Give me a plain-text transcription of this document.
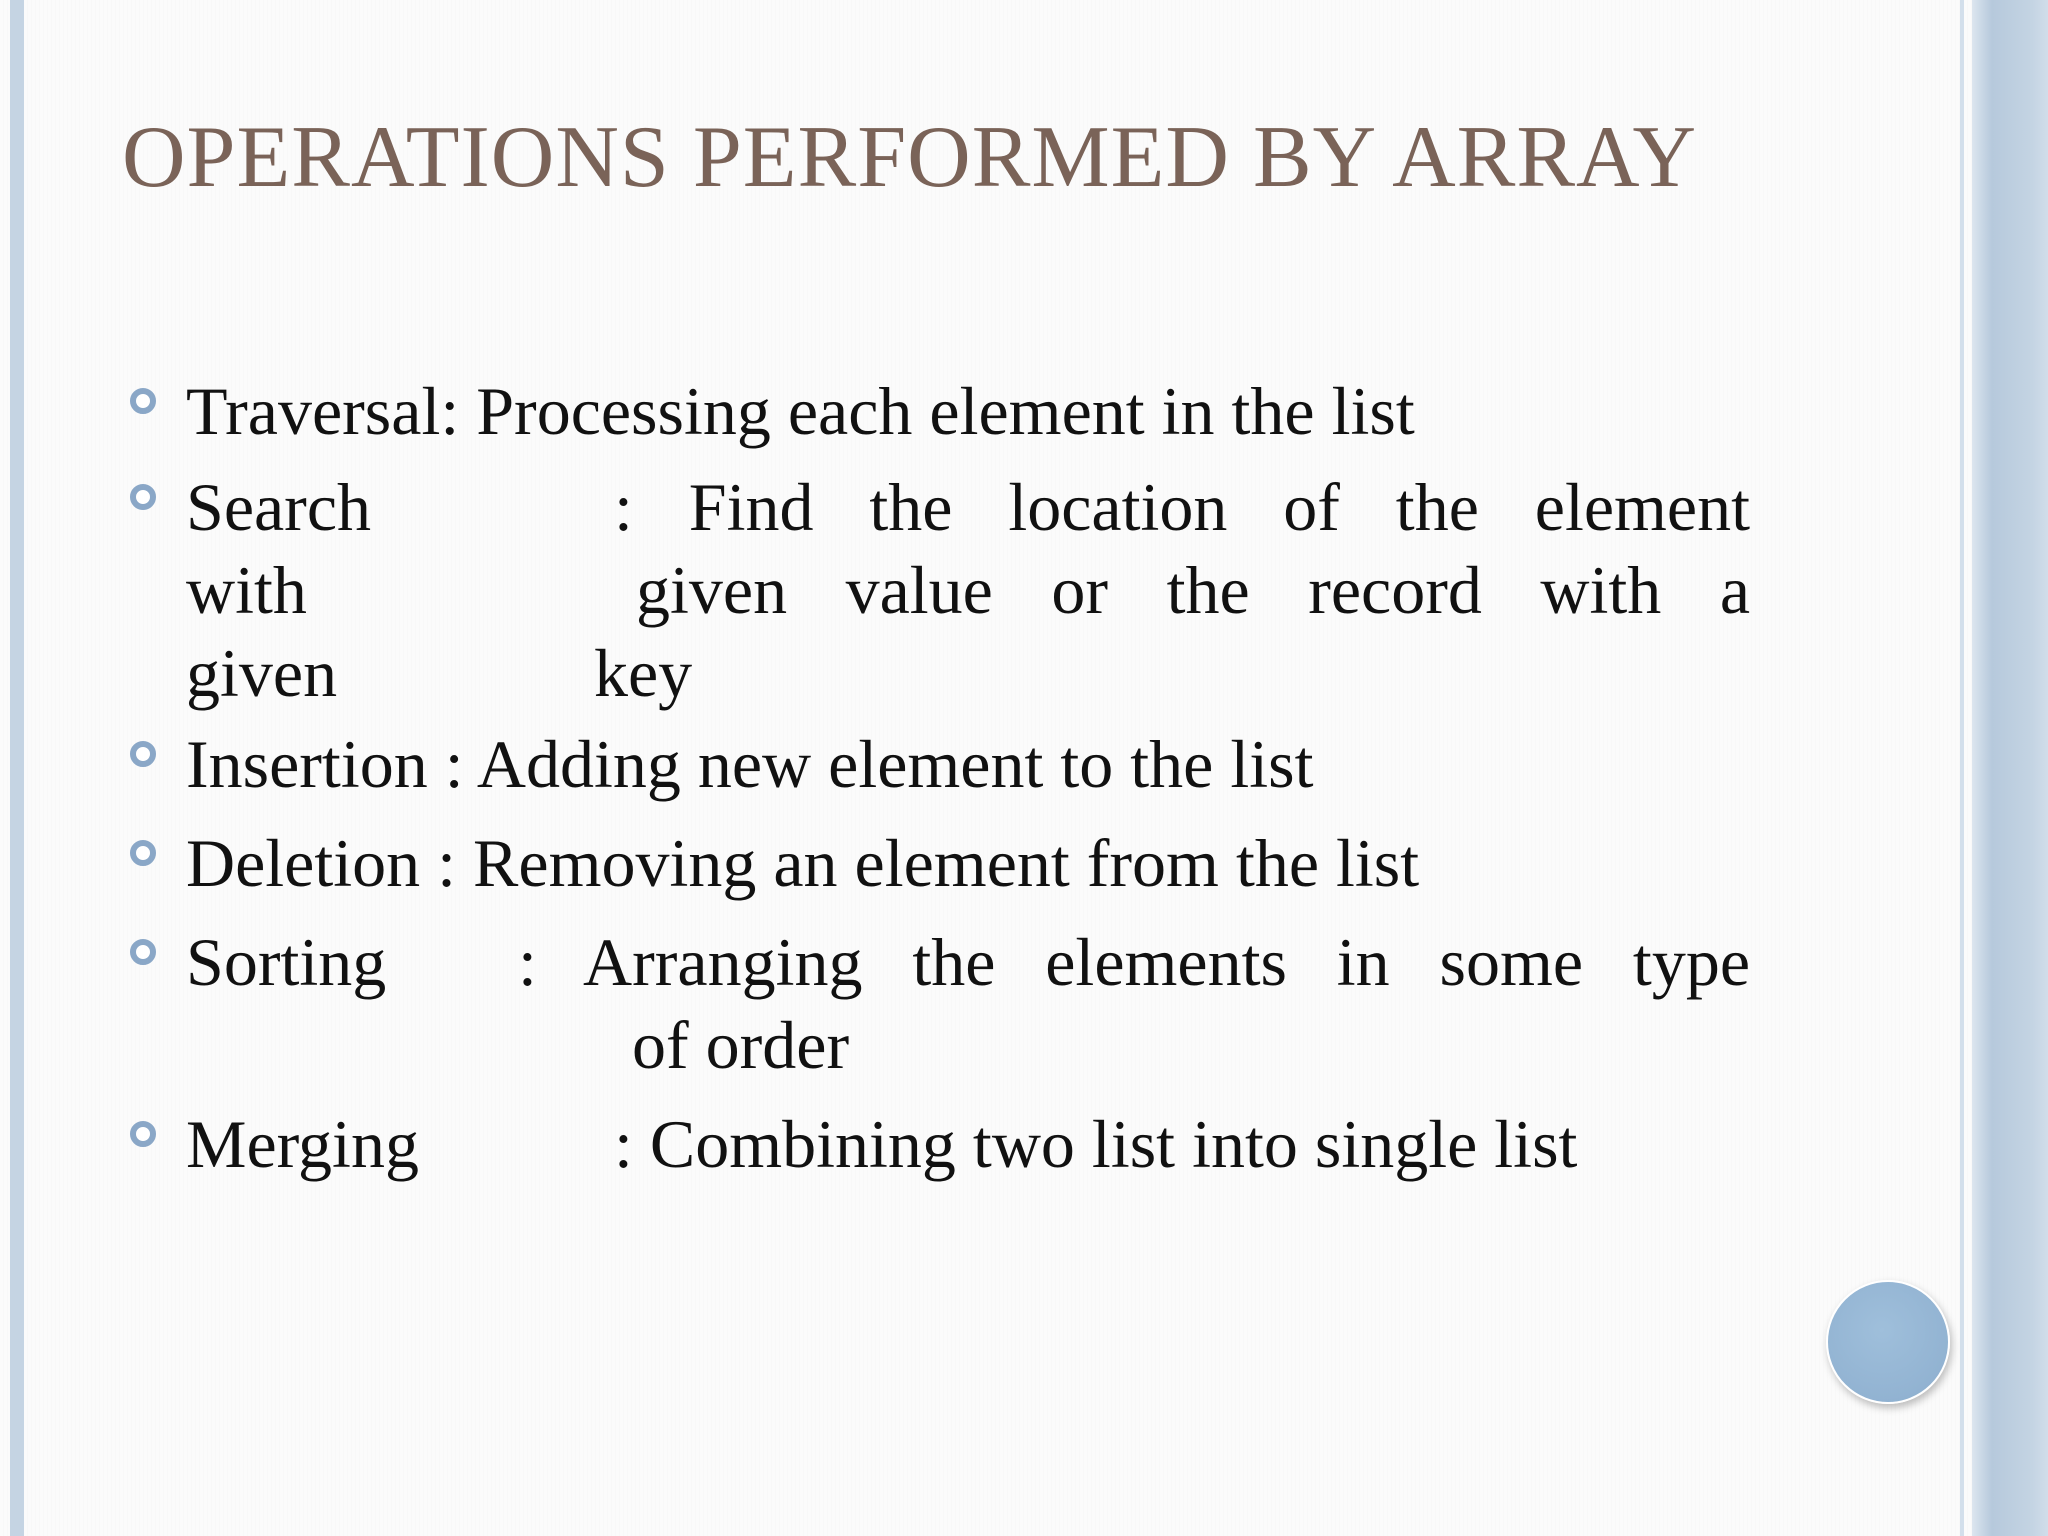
OPERATIONS PERFORMED BY ARRAY
Traversal: Processing each element in the list
Search	: Find the location of the element
with	given value or the record with a
given	key
Insertion : Adding new element to the list
Deletion : Removing an element from the list
Sorting	: Arranging the elements in some type
of order
Merging	: Combining two list into single list
